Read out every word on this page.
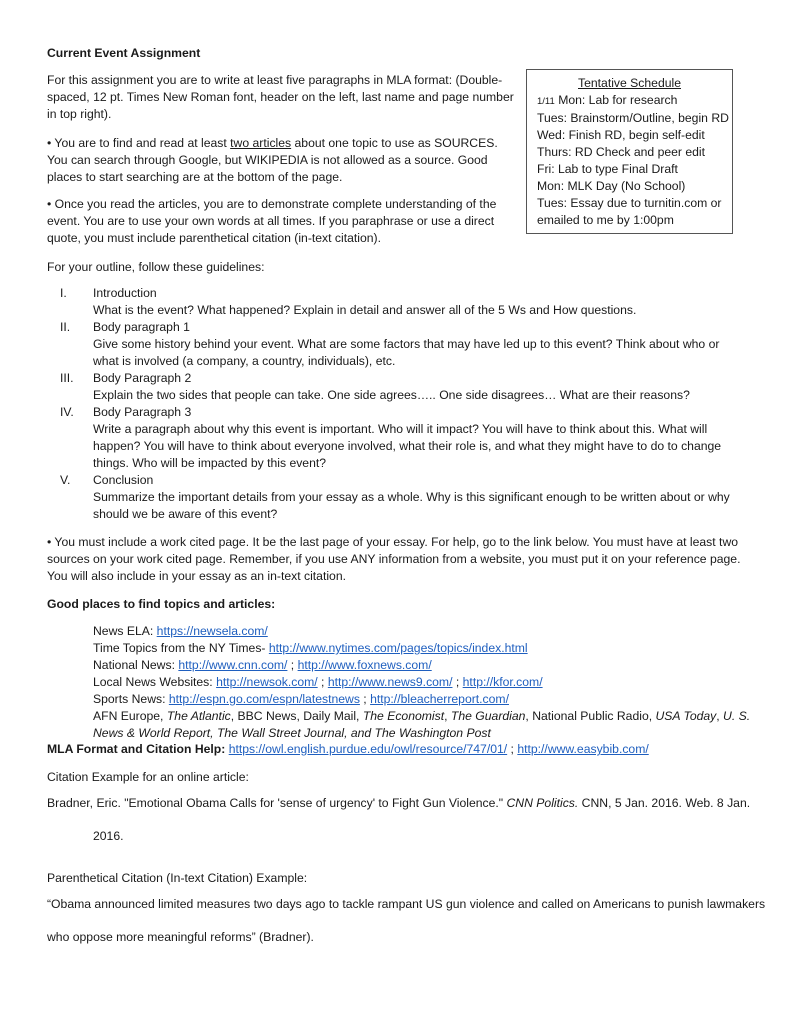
Current Event Assignment
For this assignment you are to write at least five paragraphs in MLA format: (Double-spaced, 12 pt. Times New Roman font, header on the left, last name and page number in top right).
• You are to find and read at least two articles about one topic to use as SOURCES. You can search through Google, but WIKIPEDIA is not allowed as a source. Good places to start searching are at the bottom of the page.
• Once you read the articles, you are to demonstrate complete understanding of the event. You are to use your own words at all times. If you paraphrase or use a direct quote, you must include parenthetical citation (in-text citation).
For your outline, follow these guidelines:
Tentative Schedule
1/11 Mon: Lab for research
Tues: Brainstorm/Outline, begin RD
Wed: Finish RD, begin self-edit
Thurs: RD Check and peer edit
Fri: Lab to type Final Draft
Mon: MLK Day (No School)
Tues: Essay due to turnitin.com or emailed to me by 1:00pm
I.	Introduction
What is the event? What happened? Explain in detail and answer all of the 5 Ws and How questions.
II.	Body paragraph 1
Give some history behind your event. What are some factors that may have led up to this event? Think about who or what is involved (a company, a country, individuals), etc.
III.	Body Paragraph 2
Explain the two sides that people can take. One side agrees….. One side disagrees… What are their reasons?
IV.	Body Paragraph 3
Write a paragraph about why this event is important. Who will it impact? You will have to think about this. What will happen? You will have to think about everyone involved, what their role is, and what they might have to do to change things. Who will be impacted by this event?
V.	Conclusion
Summarize the important details from your essay as a whole. Why is this significant enough to be written about or why should we be aware of this event?
• You must include a work cited page. It be the last page of your essay. For help, go to the link below. You must have at least two sources on your work cited page. Remember, if you use ANY information from a website, you must put it on your reference page. You will also include in your essay as an in-text citation.
Good places to find topics and articles:
News ELA: https://newsela.com/
Time Topics from the NY Times- http://www.nytimes.com/pages/topics/index.html
National News: http://www.cnn.com/ ; http://www.foxnews.com/
Local News Websites: http://newsok.com/ ; http://www.news9.com/ ; http://kfor.com/
Sports News: http://espn.go.com/espn/latestnews ; http://bleacherreport.com/
AFN Europe, The Atlantic, BBC News, Daily Mail, The Economist, The Guardian, National Public Radio, USA Today, U. S. News & World Report, The Wall Street Journal, and The Washington Post
MLA Format and Citation Help: https://owl.english.purdue.edu/owl/resource/747/01/ ; http://www.easybib.com/
Citation Example for an online article:
Bradner, Eric. "Emotional Obama Calls for 'sense of urgency' to Fight Gun Violence." CNN Politics. CNN, 5 Jan. 2016. Web. 8 Jan.
2016.
Parenthetical Citation (In-text Citation) Example:
“Obama announced limited measures two days ago to tackle rampant US gun violence and called on Americans to punish lawmakers
who oppose more meaningful reforms” (Bradner).
